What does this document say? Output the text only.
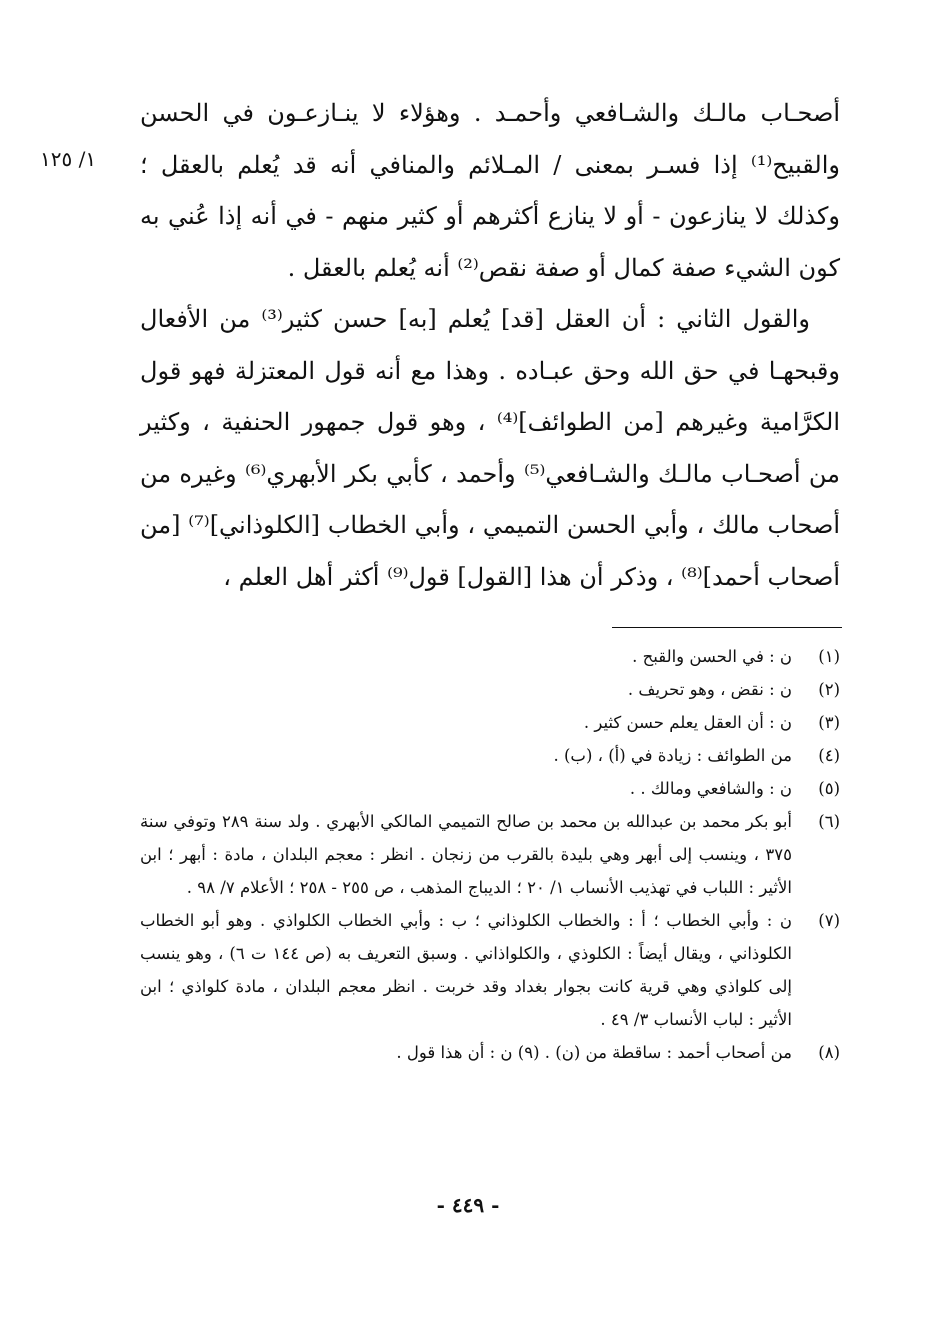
١/ ١٢٥

أصحـاب مالـك والشـافعي وأحمـد . وهؤلاء لا ينـازعـون في الحسن والقبيح⁽¹⁾ إذا فسـر بمعنى / المـلائم والمنافي أنه قد يُعلم بالعقل ؛ وكذلك لا ينازعون - أو لا ينازع أكثرهم أو كثير منهم - في أنه إذا عُني به كون الشيء صفة كمال أو صفة نقص⁽²⁾ أنه يُعلم بالعقل .

والقول الثاني : أن العقل [قد] يُعلم [به] حسن كثير⁽³⁾ من الأفعال وقبحهـا في حق الله وحق عبـاده . وهذا مع أنه قول المعتزلة فهو قول الكرَّامية وغيرهم [من الطوائف]⁽⁴⁾ ، وهو قول جمهور الحنفية ، وكثير من أصحـاب مالـك والشـافعي⁽⁵⁾ وأحمد ، كأبي بكر الأبهري⁽⁶⁾ وغيره من أصحاب مالك ، وأبي الحسن التميمي ، وأبي الخطاب [الكلوذاني]⁽⁷⁾ [من أصحاب أحمد]⁽⁸⁾ ، وذكر أن هذا [القول] قول⁽⁹⁾ أكثر أهل العلم ،

(١)
ن : في الحسن والقبح .
(٢)
ن : نقض ، وهو تحريف .
(٣)
ن : أن العقل يعلم حسن كثير .
(٤)
من الطوائف : زيادة في (أ) ، (ب) .
(٥)
ن : والشافعي ومالك . .
(٦)
أبو بكر محمد بن عبدالله بن محمد بن صالح التميمي المالكي الأبهري . ولد سنة ٢٨٩ وتوفي سنة ٣٧٥ ، وينسب إلى أبهر وهي بليدة بالقرب من زنجان . انظر : معجم البلدان ، مادة : أبهر ؛ ابن الأثير : اللباب في تهذيب الأنساب ١/ ٢٠ ؛ الديباج المذهب ، ص ٢٥٥ - ٢٥٨ ؛ الأعلام ٧/ ٩٨ .
(٧)
ن : وأبي الخطاب ؛ أ : والخطاب الكلوذاني ؛ ب : وأبي الخطاب الكلواذي . وهو أبو الخطاب الكلوذاني ، ويقال أيضاً : الكلوذي ، والكلواذاني . وسبق التعريف به (ص ١٤٤ ت ٦) ، وهو ينسب إلى كلواذي وهي قرية كانت بجوار بغداد وقد خربت . انظر معجم البلدان ، مادة كلواذي ؛ ابن الأثير : لباب الأنساب ٣/ ٤٩ .
(٨)
من أصحاب أحمد : ساقطة من (ن) . (٩) ن : أن هذا قول .
- ٤٤٩ -
